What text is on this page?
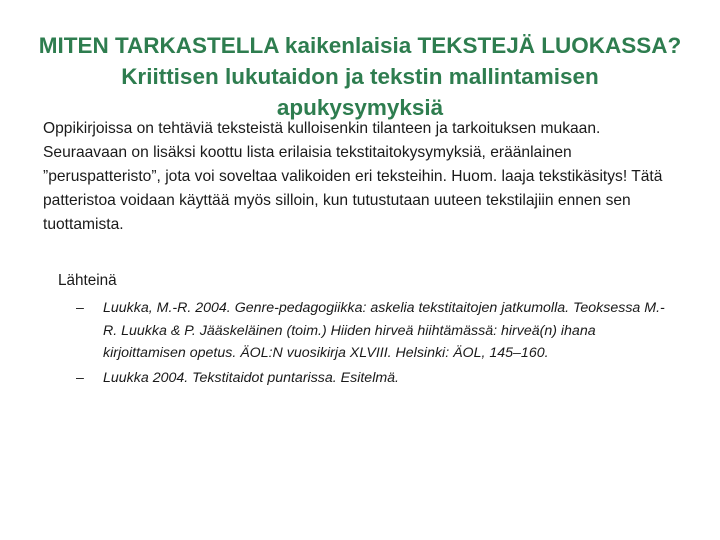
MITEN TARKASTELLA kaikenlaisia TEKSTEJÄ LUOKASSA?
Kriittisen lukutaidon ja tekstin mallintamisen
apukysymyksiä
Oppikirjoissa on tehtäviä teksteistä kulloisenkin tilanteen ja tarkoituksen mukaan. Seuraavaan on lisäksi koottu lista erilaisia tekstitaitokysymyksiä, eräänlainen ”peruspatteristo”, jota voi soveltaa valikoiden eri teksteihin. Huom. laaja tekstikäsitys! Tätä patteristoa voidaan käyttää myös silloin, kun tutustutaan uuteen tekstilajiin ennen sen tuottamista.
Lähteinä
– Luukka, M.-R. 2004. Genre-pedagogiikka: askelia tekstitaitojen jatkumolla. Teoksessa M.-R. Luukka & P. Jääskeläinen (toim.) Hiiden hirveä hiihtämässä: hirveä(n) ihana kirjoittamisen opetus. ÄOL:N vuosikirja XLVIII. Helsinki: ÄOL, 145–160.
– Luukka 2004. Tekstitaidot puntarissa. Esitelmä.
